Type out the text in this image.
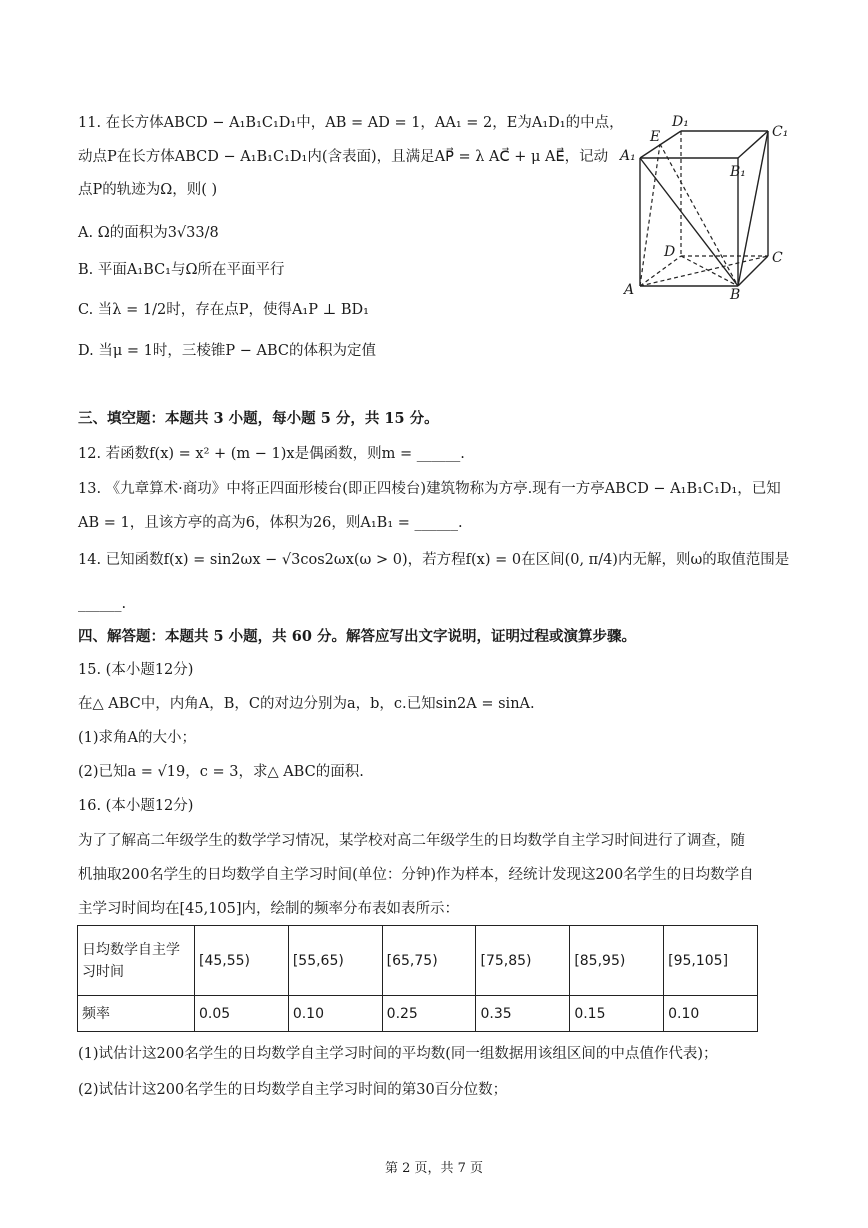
11. 在长方体ABCD − A₁B₁C₁D₁中，AB = AD = 1，AA₁ = 2，E为A₁D₁的中点，
动点P在长方体ABCD − A₁B₁C₁D₁内(含表面)，且满足AP⃗ = λ AC⃗ + μ AE⃗，记动
点P的轨迹为Ω，则( )
A. Ω的面积为3√33/8
B. 平面A₁BC₁与Ω所在平面平行
C. 当λ = 1/2时，存在点P，使得A₁P ⊥ BD₁
D. 当μ = 1时，三棱锥P − ABC的体积为定值
A₁
E
D₁
C₁
B₁
D	C
A	B
三、填空题：本题共 3 小题，每小题 5 分，共 15 分。
12. 若函数f(x) = x² + (m − 1)x是偶函数，则m = ______.
13. 《九章算术·商功》中将正四面形棱台(即正四棱台)建筑物称为方亭.现有一方亭ABCD − A₁B₁C₁D₁，已知
AB = 1，且该方亭的高为6，体积为26，则A₁B₁ = ______.
14. 已知函数f(x) = sin2ωx − √3cos2ωx(ω > 0)，若方程f(x) = 0在区间(0, π/4)内无解，则ω的取值范围是
______.
四、解答题：本题共 5 小题，共 60 分。解答应写出文字说明，证明过程或演算步骤。
15. (本小题12分)
在△ ABC中，内角A，B，C的对边分别为a，b，c.已知sin2A = sinA.
(1)求角A的大小；
(2)已知a = √19，c = 3，求△ ABC的面积.
16. (本小题12分)
为了了解高二年级学生的数学学习情况，某学校对高二年级学生的日均数学自主学习时间进行了调查，随
机抽取200名学生的日均数学自主学习时间(单位：分钟)作为样本，经统计发现这200名学生的日均数学自
主学习时间均在[45,105]内，绘制的频率分布表如表所示：
日均数学自主学
习时间	[45,55)	[55,65)	[65,75)	[75,85)	[85,95)	[95,105]
频率	0.05	0.10	0.25	0.35	0.15	0.10
(1)试估计这200名学生的日均数学自主学习时间的平均数(同一组数据用该组区间的中点值作代表)；
(2)试估计这200名学生的日均数学自主学习时间的第30百分位数；
第 2 页，共 7 页
